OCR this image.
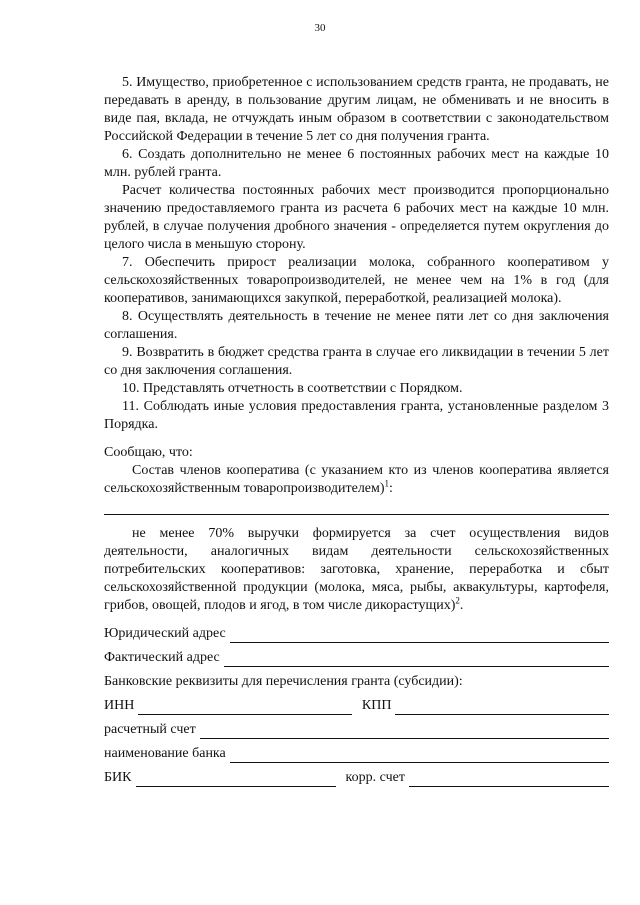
30

5. Имущество, приобретенное с использованием средств гранта, не продавать, не передавать в аренду, в пользование другим лицам, не обменивать и не вносить в виде пая, вклада, не отчуждать иным образом в соответствии с законодательством Российской Федерации в течение 5 лет со дня получения гранта.

6. Создать дополнительно не менее 6 постоянных рабочих мест на каждые 10 млн. рублей гранта.

Расчет количества постоянных рабочих мест производится пропорционально значению предоставляемого гранта из расчета 6 рабочих мест на каждые 10 млн. рублей, в случае получения дробного значения - определяется путем округления до целого числа в меньшую сторону.

7. Обеспечить прирост реализации молока, собранного кооперативом у сельскохозяйственных товаропроизводителей, не менее чем на 1% в год (для кооперативов, занимающихся закупкой, переработкой, реализацией молока).

8. Осуществлять деятельность в течение не менее пяти лет со дня заключения соглашения.

9. Возвратить в бюджет средства гранта в случае его ликвидации в течении 5 лет со дня заключения соглашения.

10. Представлять отчетность в соответствии с Порядком.

11. Соблюдать иные условия предоставления гранта, установленные разделом 3 Порядка.

Сообщаю, что:

Состав членов кооператива (с указанием кто из членов кооператива является сельскохозяйственным товаропроизводителем)$^1$:

не менее 70% выручки формируется за счет осуществления видов деятельности, аналогичных видам деятельности сельскохозяйственных потребительских кооперативов: заготовка, хранение, переработка и сбыт сельскохозяйственной продукции (молока, мяса, рыбы, аквакультуры, картофеля, грибов, овощей, плодов и ягод, в том числе дикорастущих)$^2$.

Юридический адрес
Фактический адрес

Банковские реквизиты для перечисления гранта (субсидии):

ИНН	КПП
расчетный счет
наименование банка
БИК	корр. счет
